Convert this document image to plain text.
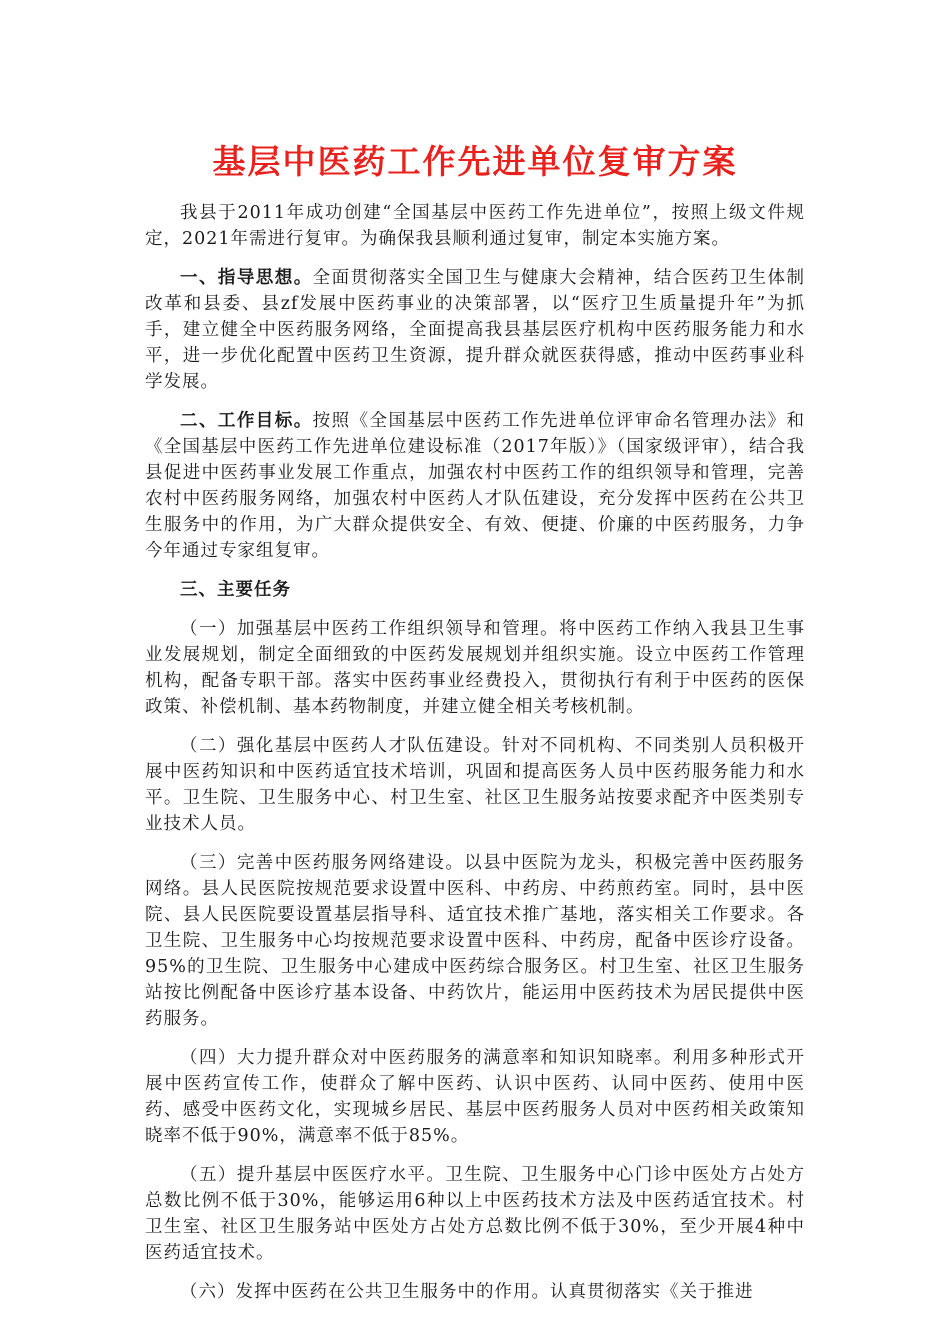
基层中医药工作先进单位复审方案

我县于2011年成功创建“全国基层中医药工作先进单位”，按照上级文件规定，2021年需进行复审。为确保我县顺利通过复审，制定本实施方案。

一、指导思想。全面贯彻落实全国卫生与健康大会精神，结合医药卫生体制改革和县委、县zf发展中医药事业的决策部署，以“医疗卫生质量提升年”为抓手，建立健全中医药服务网络，全面提高我县基层医疗机构中医药服务能力和水平，进一步优化配置中医药卫生资源，提升群众就医获得感，推动中医药事业科学发展。

二、工作目标。按照《全国基层中医药工作先进单位评审命名管理办法》和《全国基层中医药工作先进单位建设标准（2017年版）》（国家级评审），结合我县促进中医药事业发展工作重点，加强农村中医药工作的组织领导和管理，完善农村中医药服务网络，加强农村中医药人才队伍建设，充分发挥中医药在公共卫生服务中的作用，为广大群众提供安全、有效、便捷、价廉的中医药服务，力争今年通过专家组复审。

三、主要任务

（一）加强基层中医药工作组织领导和管理。将中医药工作纳入我县卫生事业发展规划，制定全面细致的中医药发展规划并组织实施。设立中医药工作管理机构，配备专职干部。落实中医药事业经费投入，贯彻执行有利于中医药的医保政策、补偿机制、基本药物制度，并建立健全相关考核机制。

（二）强化基层中医药人才队伍建设。针对不同机构、不同类别人员积极开展中医药知识和中医药适宜技术培训，巩固和提高医务人员中医药服务能力和水平。卫生院、卫生服务中心、村卫生室、社区卫生服务站按要求配齐中医类别专业技术人员。

（三）完善中医药服务网络建设。以县中医院为龙头，积极完善中医药服务网络。县人民医院按规范要求设置中医科、中药房、中药煎药室。同时，县中医院、县人民医院要设置基层指导科、适宜技术推广基地，落实相关工作要求。各卫生院、卫生服务中心均按规范要求设置中医科、中药房，配备中医诊疗设备。95%的卫生院、卫生服务中心建成中医药综合服务区。村卫生室、社区卫生服务站按比例配备中医诊疗基本设备、中药饮片，能运用中医药技术为居民提供中医药服务。

（四）大力提升群众对中医药服务的满意率和知识知晓率。利用多种形式开展中医药宣传工作，使群众了解中医药、认识中医药、认同中医药、使用中医药、感受中医药文化，实现城乡居民、基层中医药服务人员对中医药相关政策知晓率不低于90%，满意率不低于85%。

（五）提升基层中医医疗水平。卫生院、卫生服务中心门诊中医处方占处方总数比例不低于30%，能够运用6种以上中医药技术方法及中医药适宜技术。村卫生室、社区卫生服务站中医处方占处方总数比例不低于30%，至少开展4种中医药适宜技术。

（六）发挥中医药在公共卫生服务中的作用。认真贯彻落实《关于推进
